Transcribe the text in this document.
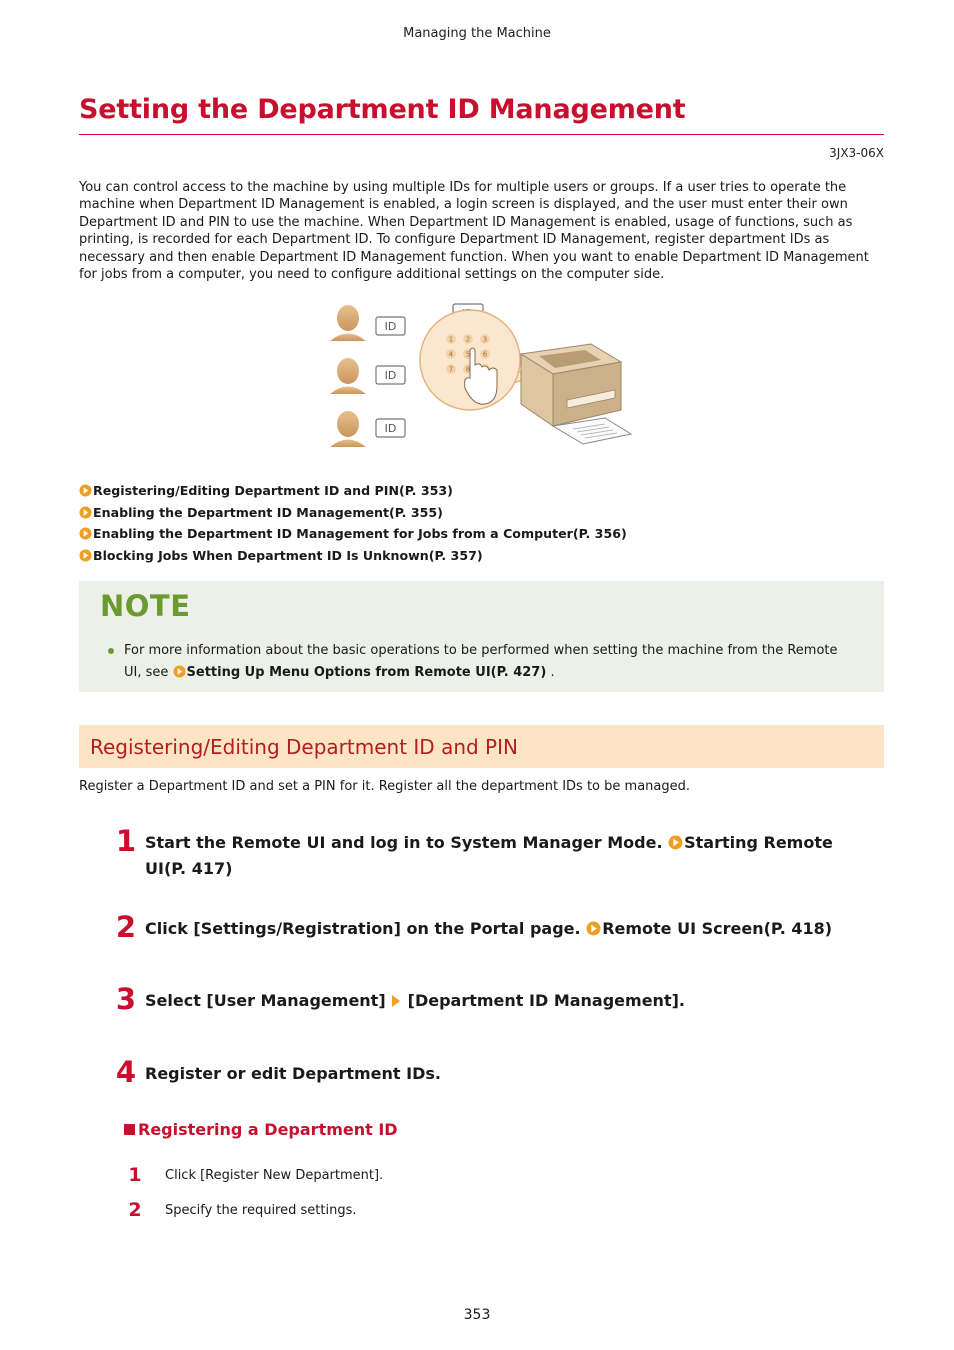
Managing the Machine
Setting the Department ID Management
3JX3-06X

You can control access to the machine by using multiple IDs for multiple users or groups. If a user tries to operate the machine when Department ID Management is enabled, a login screen is displayed, and the user must enter their own Department ID and PIN to use the machine. When Department ID Management is enabled, usage of functions, such as printing, is recorded for each Department ID. To configure Department ID Management, register department IDs as necessary and then enable Department ID Management function. When you want to enable Department ID Management for jobs from a computer, you need to configure additional settings on the computer side.

ID
ID
ID
1 2 3
4 5 6
7 8
Registering/Editing Department ID and PIN(P. 353)
Enabling the Department ID Management(P. 355)
Enabling the Department ID Management for Jobs from a Computer(P. 356)
Blocking Jobs When Department ID Is Unknown(P. 357)
NOTE
For more information about the basic operations to be performed when setting the machine from the Remote UI, see Setting Up Menu Options from Remote UI(P. 427) .
Registering/Editing Department ID and PIN
Register a Department ID and set a PIN for it. Register all the department IDs to be managed.
1 Start the Remote UI and log in to System Manager Mode. Starting Remote UI(P. 417)
2 Click [Settings/Registration] on the Portal page. Remote UI Screen(P. 418)
3 Select [User Management] [Department ID Management].
4 Register or edit Department IDs.
Registering a Department ID
1 Click [Register New Department].
2 Specify the required settings.
353
